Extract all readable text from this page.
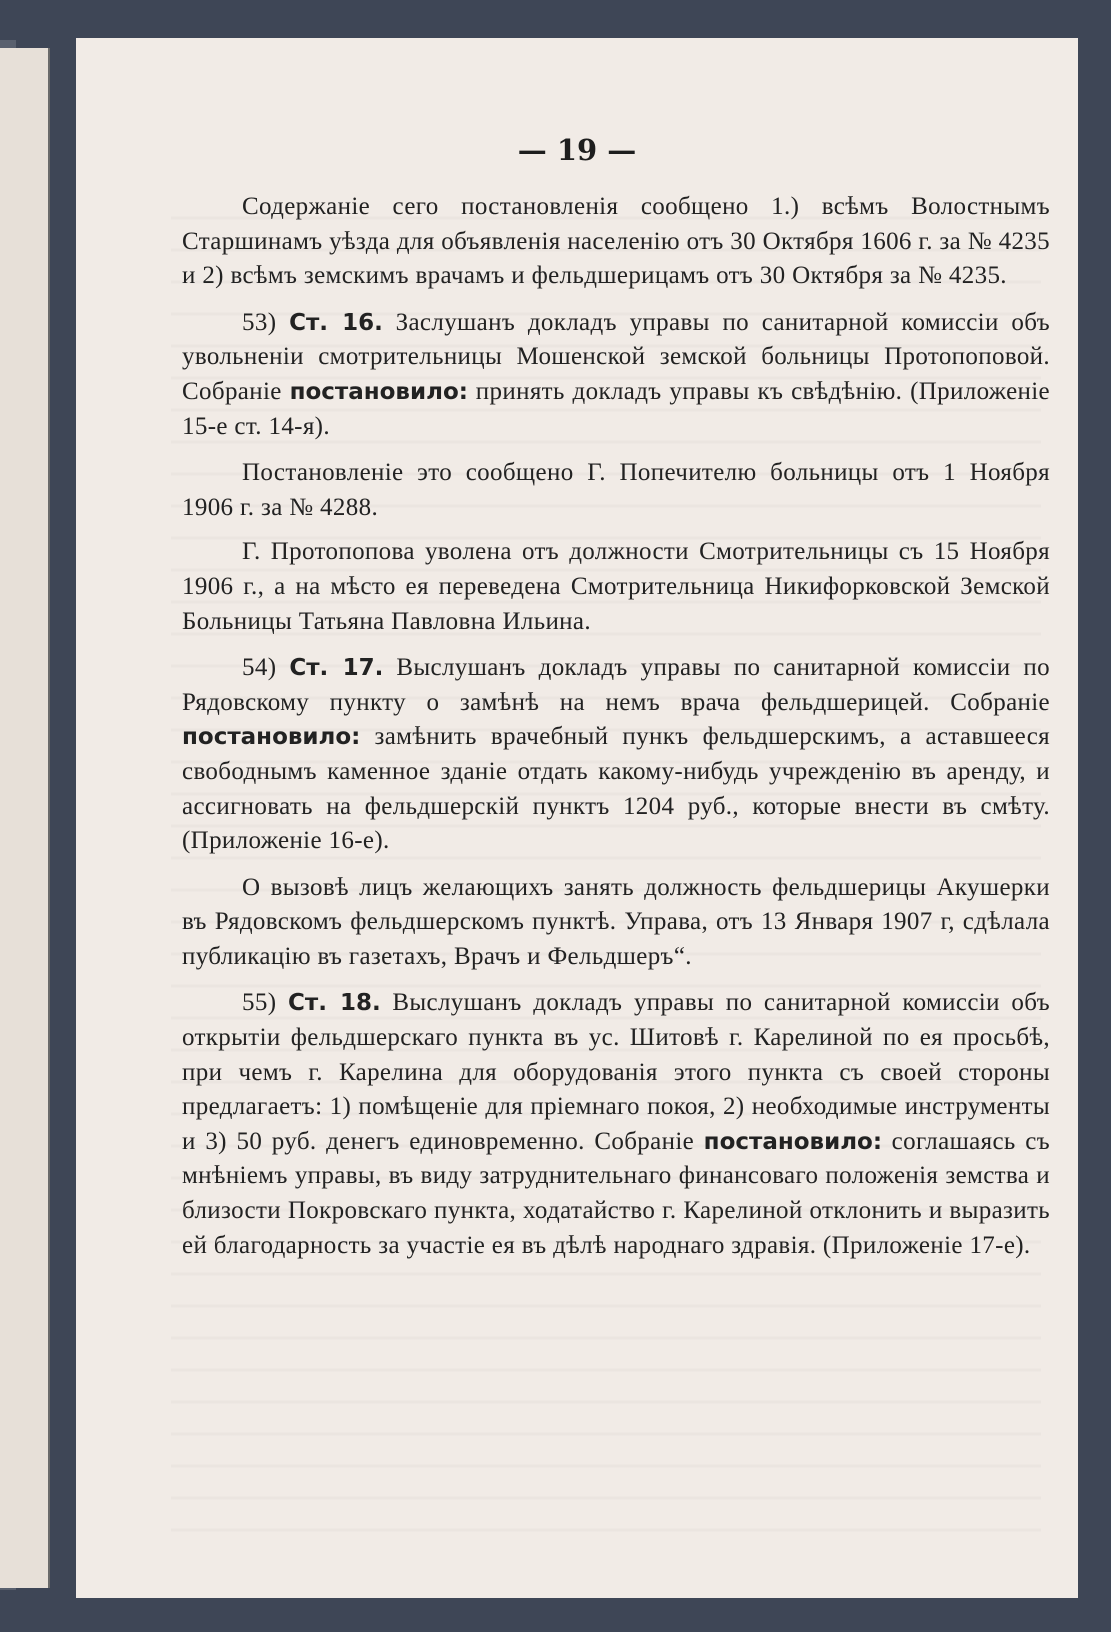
— 19 —

Содержаніе сего постановленія сообщено 1.) всѣмъ Волостнымъ Старшинамъ уѣзда для объявленія населенію отъ 30 Октября 1606 г. за № 4235 и 2) всѣмъ земскимъ врачамъ и фельдшерицамъ отъ 30 Октября за № 4235.

53) Ст. 16. Заслушанъ докладъ управы по санитарной комиссіи объ увольненіи смотрительницы Мошенской земской больницы Протопоповой. Собраніе постановило: принять докладъ управы къ свѣдѣнію. (Приложеніе 15-е ст. 14-я).

Постановленіе это сообщено Г. Попечителю больницы отъ 1 Ноября 1906 г. за № 4288.

Г. Протопопова уволена отъ должности Смотрительницы съ 15 Ноября 1906 г., а на мѣсто ея переведена Смотрительница Никифорковской Земской Больницы Татьяна Павловна Ильина.

54) Ст. 17. Выслушанъ докладъ управы по санитарной комиссіи по Рядовскому пункту о замѣнѣ на немъ врача фельдшерицей. Собраніе постановило: замѣнить врачебный пункъ фельдшерскимъ, а аставшееся свободнымъ каменное зданіе отдать какому-нибудь учрежденію въ аренду, и ассигновать на фельдшерскій пунктъ 1204 руб., которые внести въ смѣту. (Приложеніе 16-е).

О вызовѣ лицъ желающихъ занять должность фельдшерицы Акушерки въ Рядовскомъ фельдшерскомъ пунктѣ. Управа, отъ 13 Января 1907 г, сдѣлала публикацію въ газетахъ, Врачъ и Фельдшеръ“.

55) Ст. 18. Выслушанъ докладъ управы по санитарной комиссіи объ открытіи фельдшерскаго пункта въ ус. Шитовѣ г. Карелиной по ея просьбѣ, при чемъ г. Карелина для оборудованія этого пункта съ своей стороны предлагаетъ: 1) помѣщеніе для пріемнаго покоя, 2) необходимые инструменты и 3) 50 руб. денегъ единовременно. Собраніе постановило: соглашаясь съ мнѣніемъ управы, въ виду затруднительнаго финансоваго положенія земства и близости Покровскаго пункта, ходатайство г. Карелиной отклонить и выразить ей благодарность за участіе ея въ дѣлѣ народнаго здравія. (Приложеніе 17-е).
